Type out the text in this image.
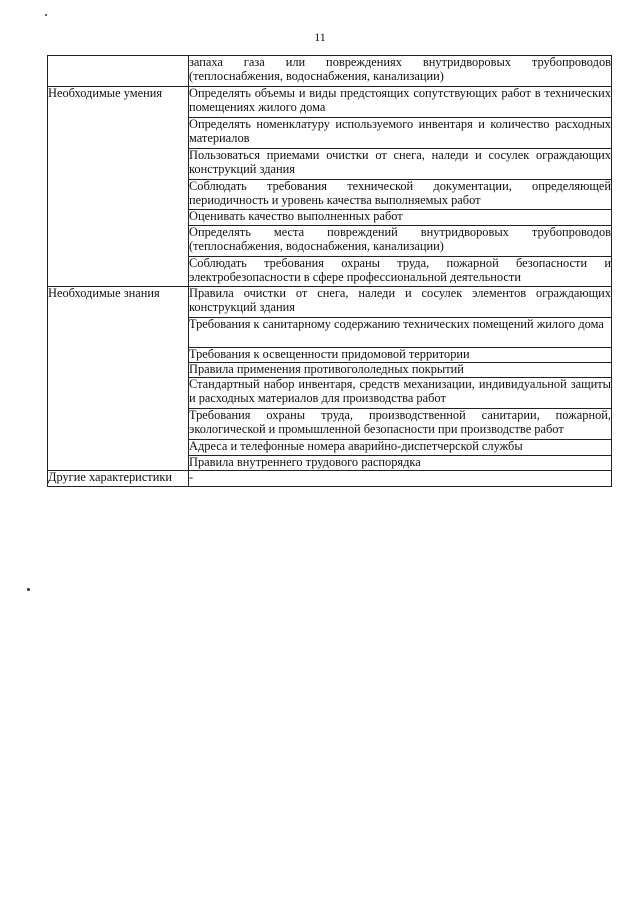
11

	запаха газа или повреждениях внутридворовых трубопроводов (теплоснабжения, водоснабжения, канализации)

Необходимые умения	Определять объемы и виды предстоящих сопутствующих работ в технических помещениях жилого дома

	Определять номенклатуру используемого инвентаря и количество расходных материалов

	Пользоваться приемами очистки от снега, наледи и сосулек ограждающих конструкций здания

	Соблюдать требования технической документации, определяющей периодичность и уровень качества выполняемых работ

	Оценивать качество выполненных работ

	Определять места повреждений внутридворовых трубопроводов (теплоснабжения, водоснабжения, канализации)

	Соблюдать требования охраны труда, пожарной безопасности и электробезопасности в сфере профессиональной деятельности

Необходимые знания	Правила очистки от снега, наледи и сосулек элементов ограждающих конструкций здания

	Требования к санитарному содержанию технических помещений жилого дома

	Требования к освещенности придомовой территории

	Правила применения противогололедных покрытий

	Стандартный набор инвентаря, средств механизации, индивидуальной защиты и расходных материалов для производства работ

	Требования охраны труда, производственной санитарии, пожарной, экологической и промышленной безопасности при производстве работ

	Адреса и телефонные номера аварийно-диспетчерской службы

	Правила внутреннего трудового распорядка

Другие характеристики	-
